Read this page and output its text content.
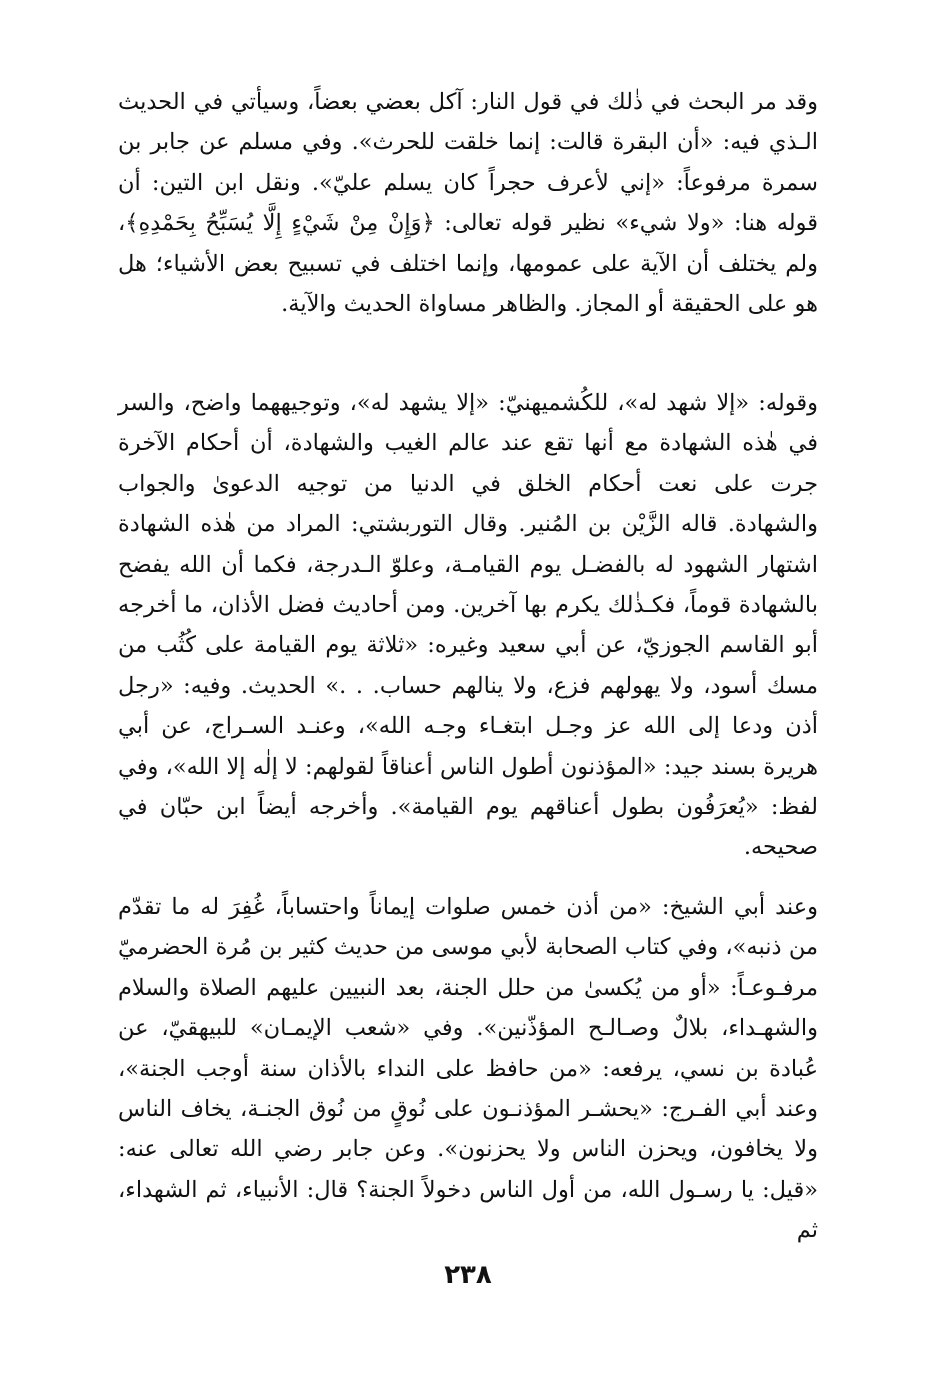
وقد مر البحث في ذٰلك في قول النار: آكل بعضي بعضاً، وسيأتي في الحديث الـذي فيه: «أن البقرة قالت: إنما خلقت للحرث». وفي مسلم عن جابر بن سمرة مرفوعاً: «إني لأعرف حجراً كان يسلم عليّ». ونقل ابن التين: أن قوله هنا: «ولا شيء» نظير قوله تعالى: ﴿وَإِنْ مِنْ شَيْءٍ إِلَّا يُسَبِّحُ بِحَمْدِهِ﴾، ولم يختلف أن الآية على عمومها، وإنما اختلف في تسبيح بعض الأشياء؛ هل هو على الحقيقة أو المجاز. والظاهر مساواة الحديث والآية.

وقوله: «إلا شهد له»، للكُشميهنيّ: «إلا يشهد له»، وتوجيههما واضح، والسر في هٰذه الشهادة مع أنها تقع عند عالم الغيب والشهادة، أن أحكام الآخرة جرت على نعت أحكام الخلق في الدنيا من توجيه الدعوىٰ والجواب والشهادة. قاله الزَّيْن بن المُنير. وقال التوربشتي: المراد من هٰذه الشهادة اشتهار الشهود له بالفضـل يوم القيامـة، وعلوّ الـدرجة، فكما أن الله يفضح بالشهادة قوماً، فكـذٰلك يكرم بها آخرين. ومن أحاديث فضل الأذان، ما أخرجه أبو القاسم الجوزيّ، عن أبي سعيد وغيره: «ثلاثة يوم القيامة على كُثُب من مسك أسود، ولا يهولهم فزع، ولا ينالهم حساب. . .» الحديث. وفيه: «رجل أذن ودعا إلى الله عز وجـل ابتغـاء وجـه الله»، وعنـد السـراج، عن أبي هريرة بسند جيد: «المؤذنون أطول الناس أعناقاً لقولهم: لا إلٰه إلا الله»، وفي لفظ: «يُعرَفُون بطول أعناقهم يوم القيامة». وأخرجه أيضاً ابن حبّان في صحيحه.

وعند أبي الشيخ: «من أذن خمس صلوات إيماناً واحتساباً، غُفِرَ له ما تقدّم من ذنبه»، وفي كتاب الصحابة لأبي موسى من حديث كثير بن مُرة الحضرميّ مرفـوعـاً: «أو من يُكسىٰ من حلل الجنة، بعد النبيين عليهم الصلاة والسلام والشهـداء، بلالٌ وصـالـح المؤذّنين». وفي «شعب الإيمـان» للبيهقيّ، عن عُبادة بن نسي، يرفعه: «من حافظ على النداء بالأذان سنة أوجب الجنة»، وعند أبي الفـرج: «يحشـر المؤذنـون على نُوقٍ من نُوق الجنـة، يخاف الناس ولا يخافون، ويحزن الناس ولا يحزنون». وعن جابر رضي الله تعالى عنه: «قيل: يا رسـول الله، من أول الناس دخولاً الجنة؟ قال: الأنبياء، ثم الشهداء، ثم

٢٣٨
